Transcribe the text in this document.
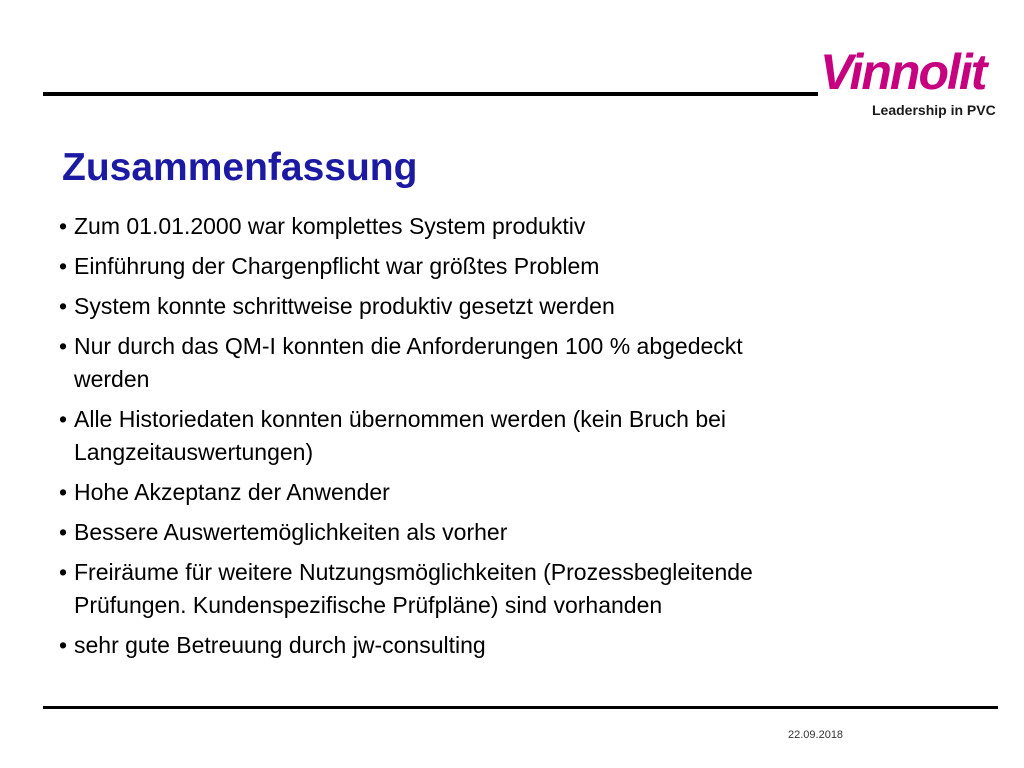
Vinnolit
Leadership in PVC
Zusammenfassung
• Zum 01.01.2000 war komplettes System produktiv
• Einführung der Chargenpflicht war größtes Problem
• System konnte schrittweise produktiv gesetzt werden
• Nur durch das QM-I konnten die Anforderungen 100 % abgedeckt
werden
• Alle Historiedaten konnten übernommen werden (kein Bruch bei
Langzeitauswertungen)
• Hohe Akzeptanz der Anwender
• Bessere Auswertemöglichkeiten als vorher
• Freiräume für weitere Nutzungsmöglichkeiten (Prozessbegleitende
Prüfungen. Kundenspezifische Prüfpläne) sind vorhanden
• sehr gute Betreuung durch jw-consulting
22.09.2018
